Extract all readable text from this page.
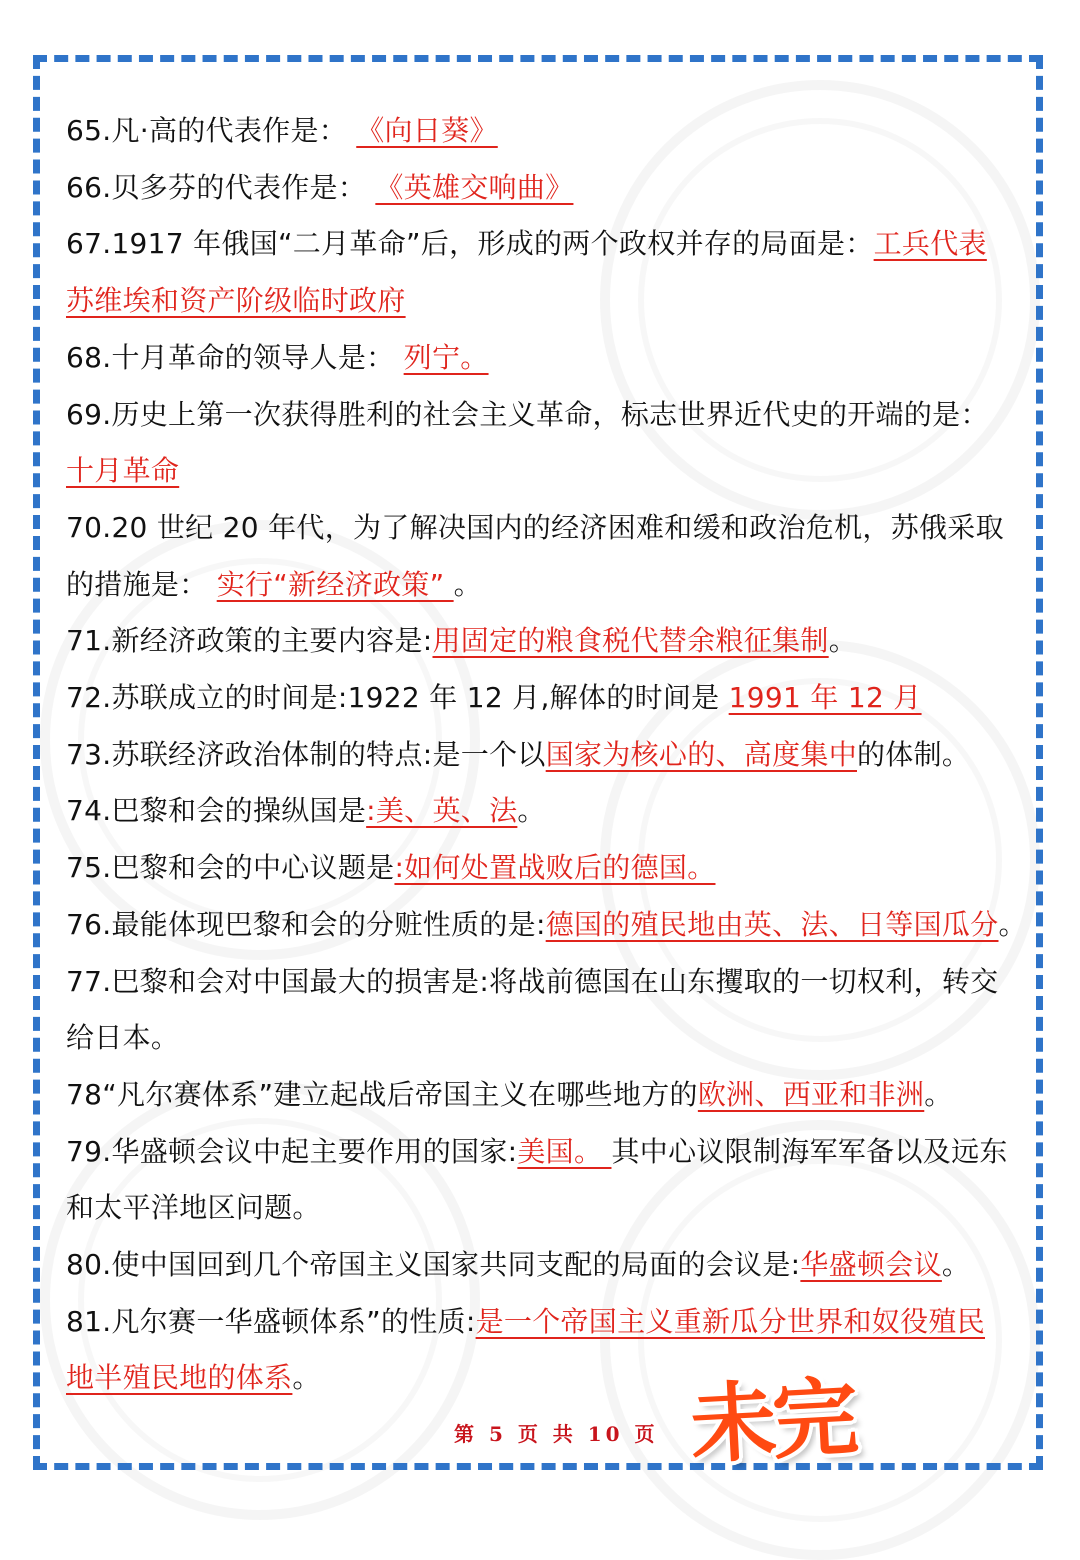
65.凡·高的代表作是： 《向日葵》
66.贝多芬的代表作是： 《英雄交响曲》
67.1917 年俄国“二月革命”后，形成的两个政权并存的局面是：工兵代表
苏维埃和资产阶级临时政府
68.十月革命的领导人是： 列宁。
69.历史上第一次获得胜利的社会主义革命，标志世界近代史的开端的是：
十月革命
70.20 世纪 20 年代，为了解决国内的经济困难和缓和政治危机，苏俄采取
的措施是： 实行“新经济政策” 。
71.新经济政策的主要内容是:用固定的粮食税代替余粮征集制。
72.苏联成立的时间是:1922 年 12 月,解体的时间是 1991 年 12 月
73.苏联经济政治体制的特点:是一个以国家为核心的、高度集中的体制。
74.巴黎和会的操纵国是:美、英、法。
75.巴黎和会的中心议题是:如何处置战败后的德国。
76.最能体现巴黎和会的分赃性质的是:德国的殖民地由英、法、日等国瓜分。
77.巴黎和会对中国最大的损害是:将战前德国在山东攫取的一切权利，转交
给日本。
78“凡尔赛体系”建立起战后帝国主义在哪些地方的欧洲、西亚和非洲。
79.华盛顿会议中起主要作用的国家:美国。 其中心议限制海军军备以及远东
和太平洋地区问题。
80.使中国回到几个帝国主义国家共同支配的局面的会议是:华盛顿会议。
81.凡尔赛一华盛顿体系”的性质:是一个帝国主义重新瓜分世界和奴役殖民
地半殖民地的体系。
第 5 页 共 10 页 未完
